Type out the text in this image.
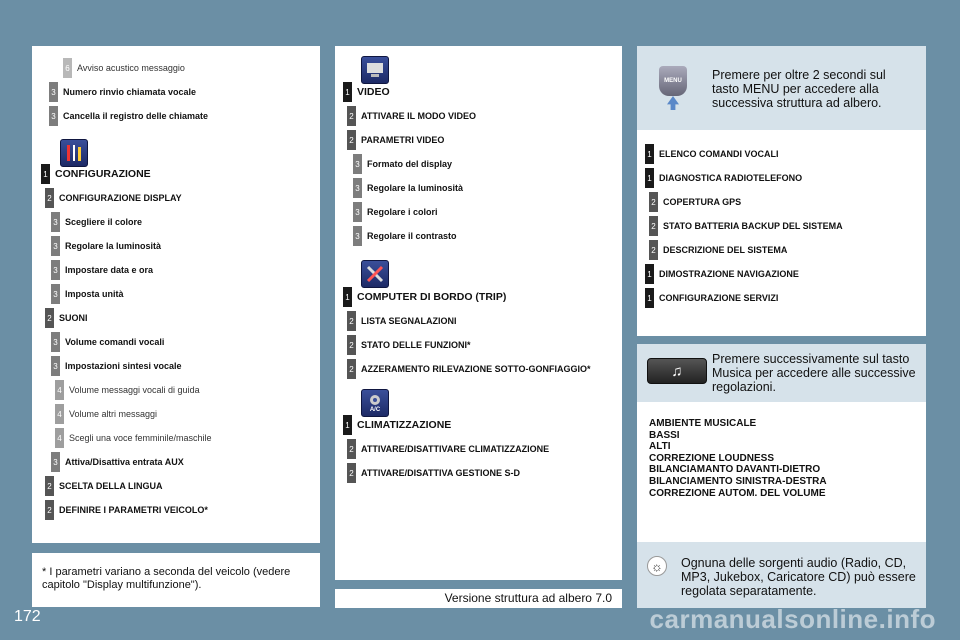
6 Avviso acustico messaggio
3 Numero rinvio chiamata vocale
3 Cancella il registro delle chiamate
1 CONFIGURAZIONE
2 CONFIGURAZIONE DISPLAY
3 Scegliere il colore
3 Regolare la luminosità
3 Impostare data e ora
3 Imposta unità
2 SUONI
3 Volume comandi vocali
3 Impostazioni sintesi vocale
4 Volume messaggi vocali di guida
4 Volume altri messaggi
4 Scegli una voce femminile/maschile
3 Attiva/Disattiva entrata AUX
2 SCELTA DELLA LINGUA
2 DEFINIRE I PARAMETRI VEICOLO*
* I parametri variano a seconda del veicolo (vedere capitolo "Display multifunzione").
1 VIDEO
2 ATTIVARE IL MODO VIDEO
2 PARAMETRI VIDEO
3 Formato del display
3 Regolare la luminosità
3 Regolare i colori
3 Regolare il contrasto
1 COMPUTER DI BORDO (TRIP)
2 LISTA SEGNALAZIONI
2 STATO DELLE FUNZIONI*
2 AZZERAMENTO RILEVAZIONE SOTTO-GONFIAGGIO*
A/C
1 CLIMATIZZAZIONE
2 ATTIVARE/DISATTIVARE CLIMATIZZAZIONE
2 ATTIVARE/DISATTIVA GESTIONE S-D
Versione struttura ad albero 7.0
MENU Premere per oltre 2 secondi sul tasto MENU per accedere alla successiva struttura ad albero.
1 ELENCO COMANDI VOCALI
1 DIAGNOSTICA RADIOTELEFONO
2 COPERTURA GPS
2 STATO BATTERIA BACKUP DEL SISTEMA
2 DESCRIZIONE DEL SISTEMA
1 DIMOSTRAZIONE NAVIGAZIONE
1 CONFIGURAZIONE SERVIZI
♫
Premere successivamente sul tasto Musica per accedere alle successive regolazioni.
AMBIENTE MUSICALE
BASSI
ALTI
CORREZIONE LOUDNESS
BILANCIAMANTO DAVANTI-DIETRO
BILANCIAMENTO SINISTRA-DESTRA
CORREZIONE AUTOM. DEL VOLUME
☼	Ognuna delle sorgenti audio (Radio, CD, MP3, Jukebox, Caricatore CD) può essere regolata separatamente.
172	carmanualsonline.info
